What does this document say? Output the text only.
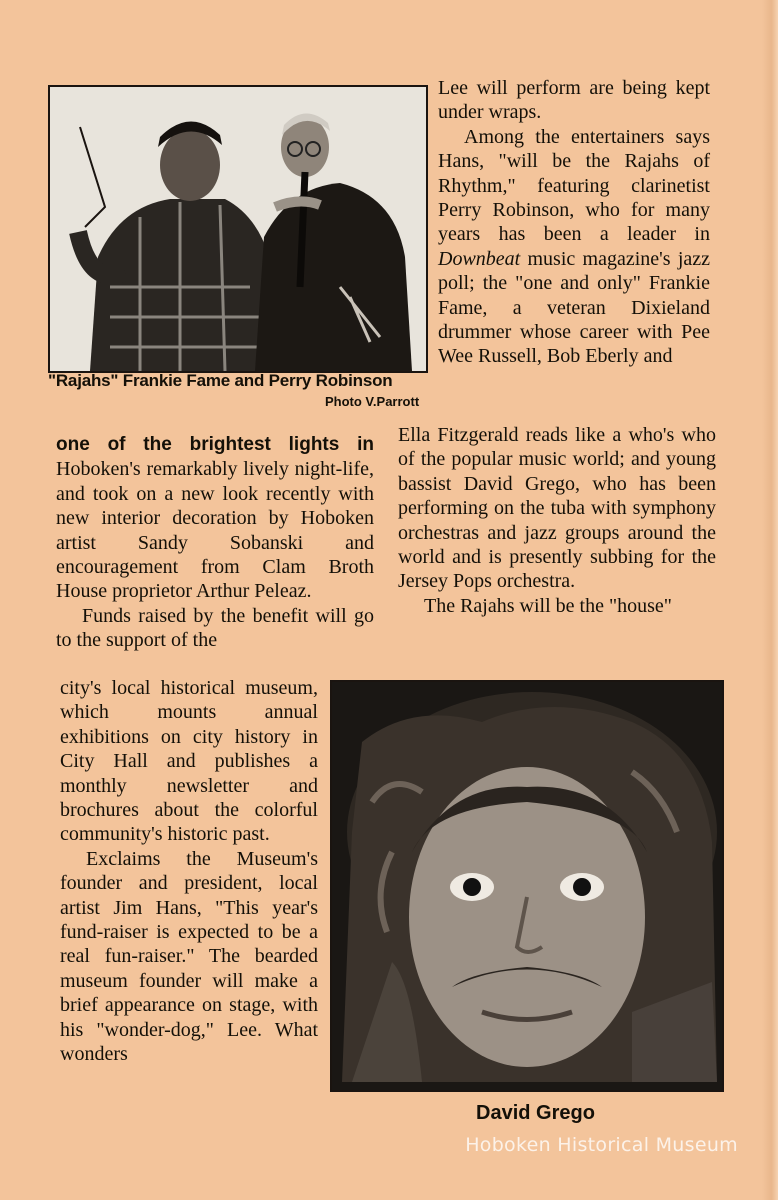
"Rajahs" Frankie Fame and Perry Robinson
Photo V.Parrott

Lee will perform are being kept under wraps.

Among the entertainers says Hans, "will be the Rajahs of Rhythm," featuring clarinetist Perry Robinson, who for many years has been a leader in Downbeat music magazine's jazz poll; the "one and only" Frankie Fame, a veteran Dixieland drummer whose career with Pee Wee Russell, Bob Eberly and

one of the brightest lights in Hoboken's remarkably lively night-life, and took on a new look recently with new interior decoration by Hoboken artist Sandy Sobanski and encouragement from Clam Broth House proprietor Arthur Peleaz.

Funds raised by the benefit will go to the support of the

city's local historical museum, which mounts annual exhibitions on city history in City Hall and publishes a monthly newsletter and brochures about the colorful community's historic past.

Exclaims the Museum's founder and president, local artist Jim Hans, "This year's fund-raiser is expected to be a real fun-raiser." The bearded museum founder will make a brief appearance on stage, with his "wonder-dog," Lee. What wonders

Ella Fitzgerald reads like a who's who of the popular music world; and young bassist David Grego, who has been performing on the tuba with symphony orchestras and jazz groups around the world and is presently subbing for the Jersey Pops orchestra.

The Rajahs will be the "house"

David Grego
Hoboken Historical Museum
